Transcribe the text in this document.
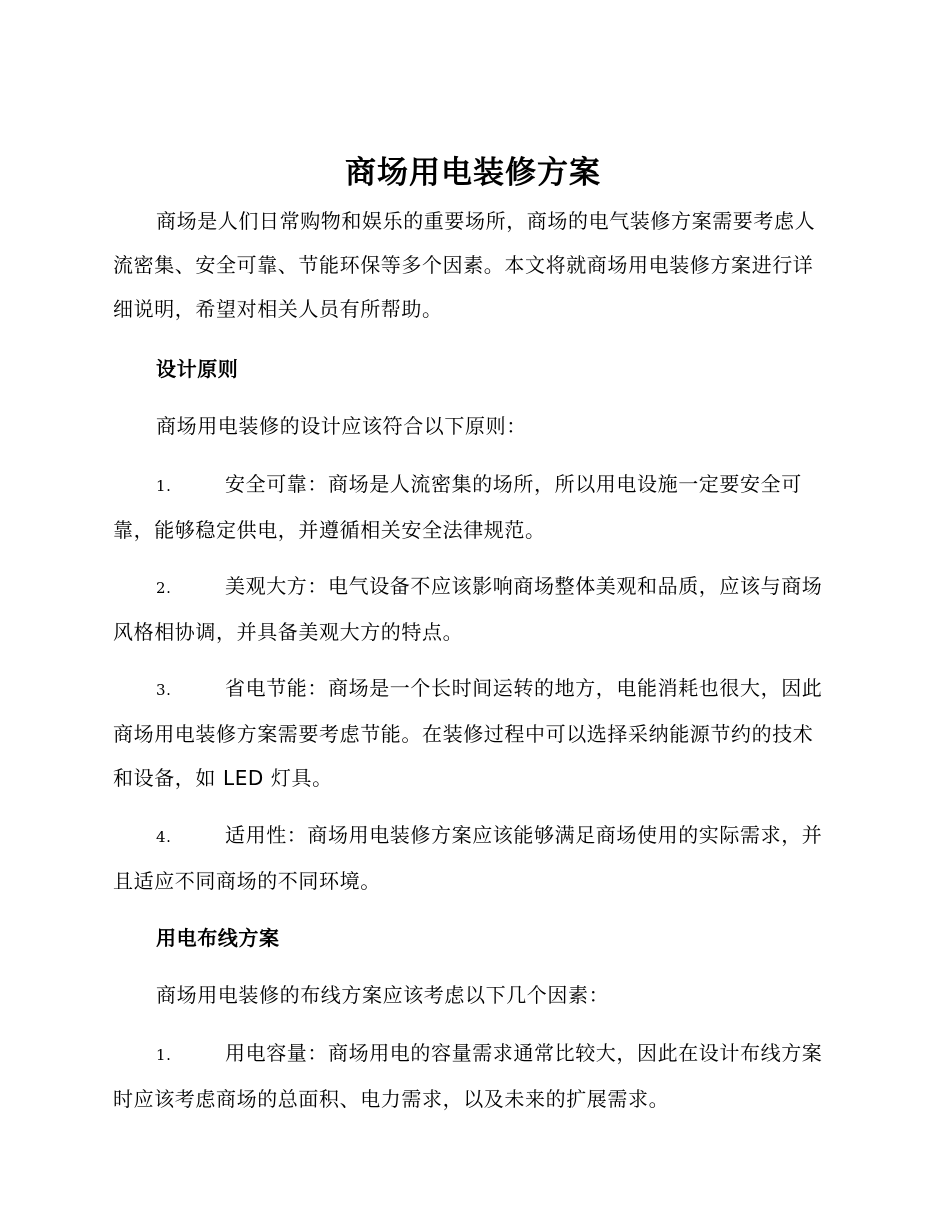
商场用电装修方案

商场是人们日常购物和娱乐的重要场所，商场的电气装修方案需要考虑人流密集、安全可靠、节能环保等多个因素。本文将就商场用电装修方案进行详细说明，希望对相关人员有所帮助。

设计原则

商场用电装修的设计应该符合以下原则：

1.	安全可靠：商场是人流密集的场所，所以用电设施一定要安全可靠，能够稳定供电，并遵循相关安全法律规范。

2.	美观大方：电气设备不应该影响商场整体美观和品质，应该与商场风格相协调，并具备美观大方的特点。

3.	省电节能：商场是一个长时间运转的地方，电能消耗也很大，因此商场用电装修方案需要考虑节能。在装修过程中可以选择采纳能源节约的技术和设备，如 LED 灯具。

4.	适用性：商场用电装修方案应该能够满足商场使用的实际需求，并且适应不同商场的不同环境。

用电布线方案

商场用电装修的布线方案应该考虑以下几个因素：

1.	用电容量：商场用电的容量需求通常比较大，因此在设计布线方案时应该考虑商场的总面积、电力需求，以及未来的扩展需求。
